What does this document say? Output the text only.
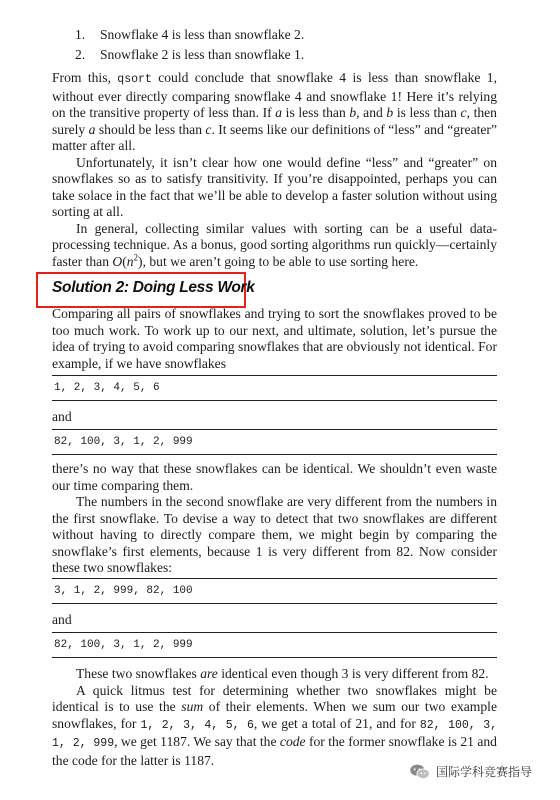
1. Snowflake 4 is less than snowflake 2.
2. Snowflake 2 is less than snowflake 1.

From this, qsort could conclude that snowflake 4 is less than snowflake 1, without ever directly comparing snowflake 4 and snowflake 1! Here it’s relying on the transitive property of less than. If a is less than b, and b is less than c, then surely a should be less than c. It seems like our definitions of “less” and “greater” matter after all.

Unfortunately, it isn’t clear how one would define “less” and “greater” on snowflakes so as to satisfy transitivity. If you’re disappointed, perhaps you can take solace in the fact that we’ll be able to develop a faster solution without using sorting at all.

In general, collecting similar values with sorting can be a useful data-processing technique. As a bonus, good sorting algorithms run quickly—certainly faster than $O(n^2)$, but we aren’t going to be able to use sorting here.

Solution 2: Doing Less Work

Comparing all pairs of snowflakes and trying to sort the snowflakes proved to be too much work. To work up to our next, and ultimate, solution, let’s pursue the idea of trying to avoid comparing snowflakes that are obviously not identical. For example, if we have snowflakes

1, 2, 3, 4, 5, 6
and
82, 100, 3, 1, 2, 999

there’s no way that these snowflakes can be identical. We shouldn’t even waste our time comparing them.

The numbers in the second snowflake are very different from the numbers in the first snowflake. To devise a way to detect that two snowflakes are different without having to directly compare them, we might begin by comparing the snowflake’s first elements, because 1 is very different from 82. Now consider these two snowflakes:

3, 1, 2, 999, 82, 100
and
82, 100, 3, 1, 2, 999

These two snowflakes are identical even though 3 is very different from 82.

A quick litmus test for determining whether two snowflakes might be identical is to use the sum of their elements. When we sum our two example snowflakes, for 1, 2, 3, 4, 5, 6, we get a total of 21, and for 82, 100, 3, 1, 2, 999, we get 1187. We say that the code for the former snowflake is 21 and the code for the latter is 1187.

国际学科竞赛指导
